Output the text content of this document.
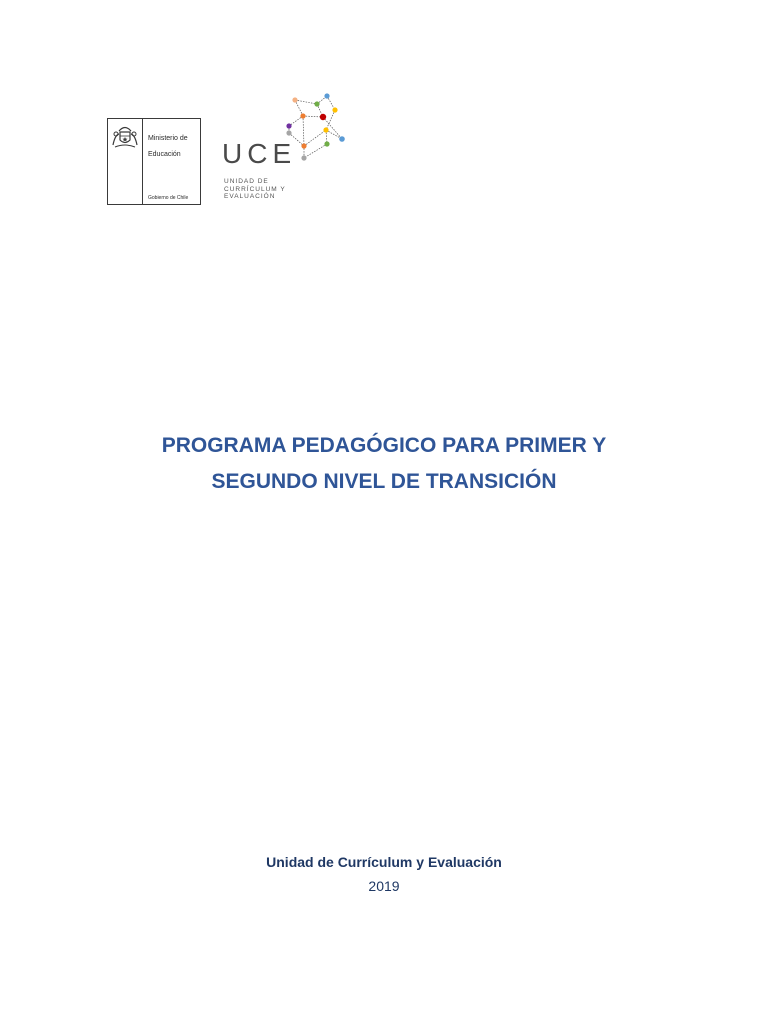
Ministerio de

Educación

Gobierno de Chile
UCE
UNIDAD DE
CURRÍCULUM Y
EVALUACIÓN
PROGRAMA PEDAGÓGICO PARA PRIMER Y
SEGUNDO NIVEL DE TRANSICIÓN
Unidad de Currículum y Evaluación
2019
